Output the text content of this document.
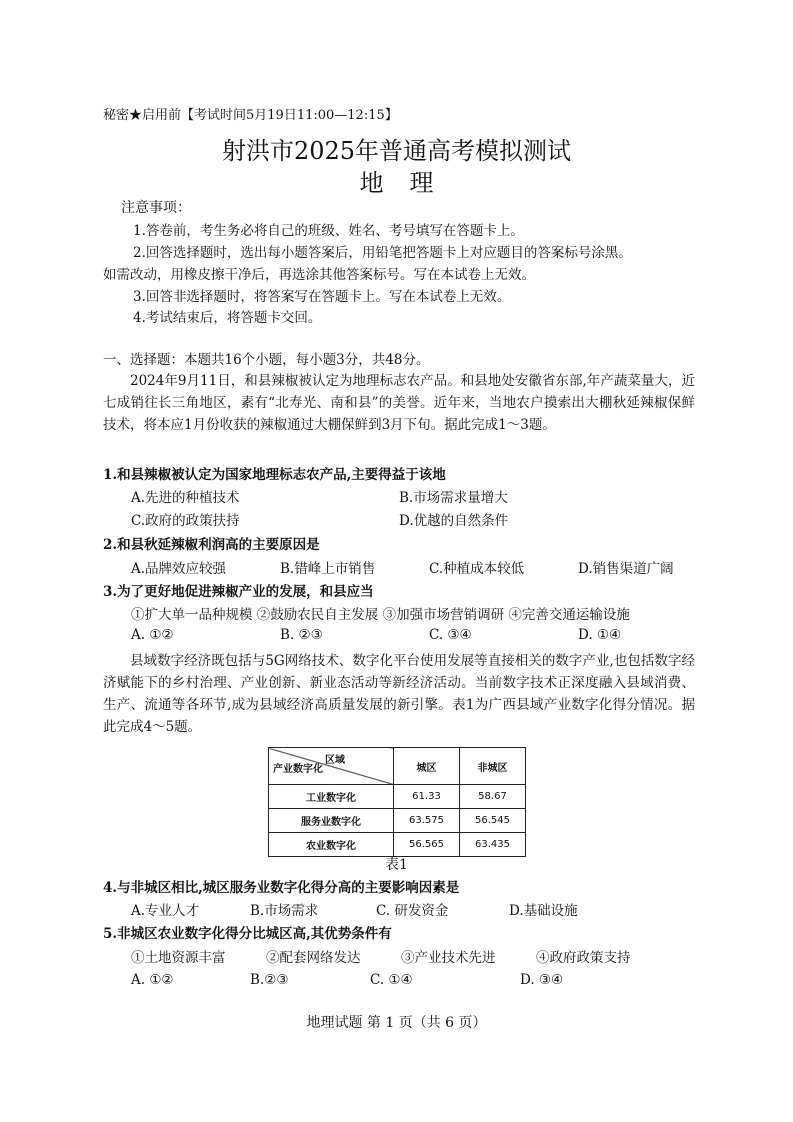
秘密★启用前【考试时间5月19日11:00—12:15】
射洪市2025年普通高考模拟测试
地理
注意事项：
1.答卷前，考生务必将自己的班级、姓名、考号填写在答题卡上。
2.回答选择题时，选出每小题答案后，用铅笔把答题卡上对应题目的答案标号涂黑。
如需改动，用橡皮擦干净后，再选涂其他答案标号。写在本试卷上无效。
3.回答非选择题时，将答案写在答题卡上。写在本试卷上无效。
4.考试结束后，将答题卡交回。
一、选择题：本题共16个小题，每小题3分，共48分。
2024年9月11日，和县辣椒被认定为地理标志农产品。和县地处安徽省东部,年产蔬菜量大，近七成销往长三角地区，素有“北寿光、南和县”的美誉。近年来，当地农户摸索出大棚秋延辣椒保鲜技术，将本应1月份收获的辣椒通过大棚保鲜到3月下旬。据此完成1～3题。
1.和县辣椒被认定为国家地理标志农产品,主要得益于该地
A.先进的种植技术	B.市场需求量增大
C.政府的政策扶持	D.优越的自然条件
2.和县秋延辣椒利润高的主要原因是
A.品牌效应较强	B.错峰上市销售	C.种植成本较低	D.销售渠道广阔
3.为了更好地促进辣椒产业的发展，和县应当
①扩大单一品种规模 ②鼓励农民自主发展 ③加强市场营销调研 ④完善交通运输设施
A. ①②	B. ②③	C. ③④	D. ①④
县域数字经济既包括与5G网络技术、数字化平台使用发展等直接相关的数字产业,也包括数字经济赋能下的乡村治理、产业创新、新业态活动等新经济活动。当前数字技术正深度融入县域消费、生产、流通等各环节,成为县域经济高质量发展的新引擎。表1为广西县域产业数字化得分情况。据此完成4～5题。
区域
产业数字化	城区	非城区
工业数字化	61.33	58.67
服务业数字化	63.575	56.545
农业数字化	56.565	63.435
表1
4.与非城区相比,城区服务业数字化得分高的主要影响因素是
A.专业人才	B.市场需求	C. 研发资金	D.基础设施
5.非城区农业数字化得分比城区高,其优势条件有
①土地资源丰富	②配套网络发达	③产业技术先进	④政府政策支持
A. ①②	B.②③	C. ①④	D. ③④
地理试题 第 1 页（共 6 页）
